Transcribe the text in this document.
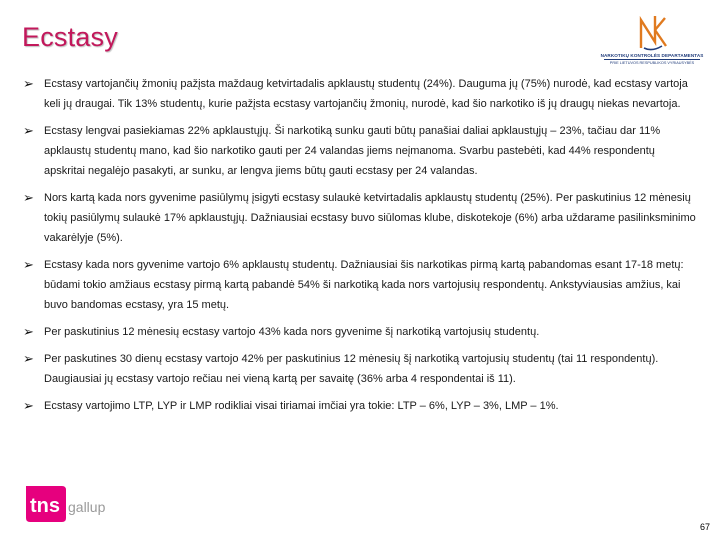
Ecstasy
NARKOTIKŲ KONTROLĖS DEPARTAMENTAS
PRIE LIETUVOS RESPUBLIKOS VYRIAUSYBĖS
➢ Ecstasy vartojančių žmonių pažįsta maždaug ketvirtadalis apklaustų studentų (24%). Dauguma jų (75%) nurodė, kad ecstasy vartoja keli jų draugai. Tik 13% studentų, kurie pažįsta ecstasy vartojančių žmonių, nurodė, kad šio narkotiko iš jų draugų niekas nevartoja.
➢ Ecstasy lengvai pasiekiamas 22% apklaustųjų. Ši narkotiką sunku gauti būtų panašiai daliai apklaustųjų – 23%, tačiau dar 11% apklaustų studentų mano, kad šio narkotiko gauti per 24 valandas jiems neįmanoma. Svarbu pastebėti, kad 44% respondentų apskritai negalėjo pasakyti, ar sunku, ar lengva jiems būtų gauti ecstasy per 24 valandas.
➢ Nors kartą kada nors gyvenime pasiūlymų įsigyti ecstasy sulaukė ketvirtadalis apklaustų studentų (25%). Per paskutinius 12 mėnesių tokių pasiūlymų sulaukė 17% apklaustųjų. Dažniausiai ecstasy buvo siūlomas klube, diskotekoje (6%) arba uždarame pasilinksminimo vakarėlyje (5%).
➢ Ecstasy kada nors gyvenime vartojo 6% apklaustų studentų. Dažniausiai šis narkotikas pirmą kartą pabandomas esant 17-18 metų: būdami tokio amžiaus ecstasy pirmą kartą pabandė 54% ši narkotiką kada nors vartojusių respondentų. Ankstyviausias amžius, kai buvo bandomas ecstasy, yra 15 metų.
➢ Per paskutinius 12 mėnesių ecstasy vartojo 43% kada nors gyvenime šį narkotiką vartojusių studentų.
➢ Per paskutines 30 dienų ecstasy vartojo 42% per paskutinius 12 mėnesių šį narkotiką vartojusių studentų (tai 11 respondentų). Daugiausiai jų ecstasy vartojo rečiau nei vieną kartą per savaitę (36% arba 4 respondentai iš 11).
➢ Ecstasy vartojimo LTP, LYP ir LMP rodikliai visai tiriamai imčiai yra tokie: LTP – 6%, LYP – 3%, LMP – 1%.
tns gallup
67
